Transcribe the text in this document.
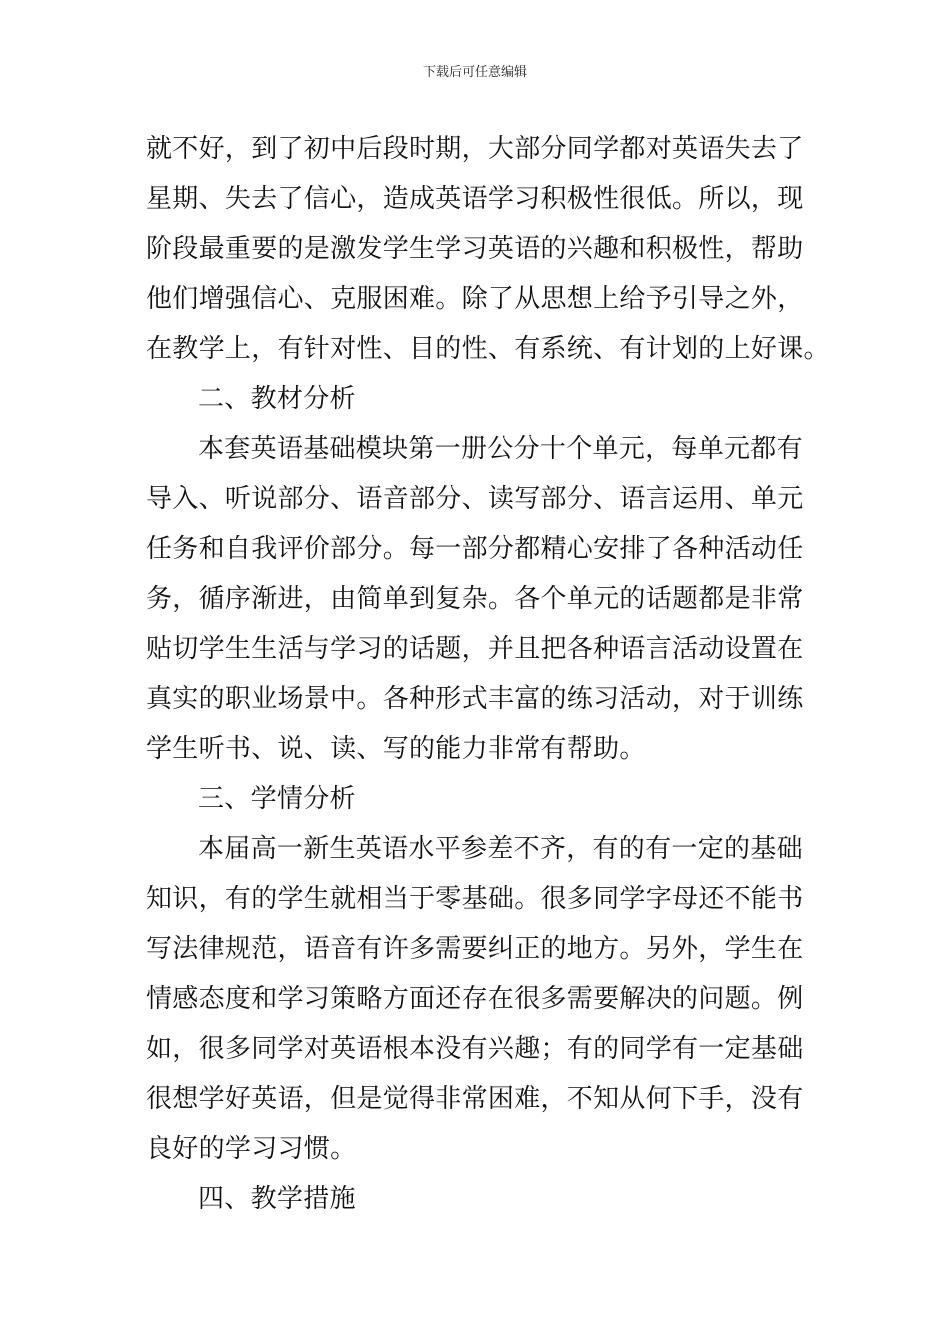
下载后可任意编辑
就不好，到了初中后段时期，大部分同学都对英语失去了
星期、失去了信心，造成英语学习积极性很低。所以，现
阶段最重要的是激发学生学习英语的兴趣和积极性，帮助
他们增强信心、克服困难。除了从思想上给予引导之外，
在教学上，有针对性、目的性、有系统、有计划的上好课。
二、教材分析
本套英语基础模块第一册公分十个单元，每单元都有
导入、听说部分、语音部分、读写部分、语言运用、单元
任务和自我评价部分。每一部分都精心安排了各种活动任
务，循序渐进，由简单到复杂。各个单元的话题都是非常
贴切学生生活与学习的话题，并且把各种语言活动设置在
真实的职业场景中。各种形式丰富的练习活动，对于训练
学生听书、说、读、写的能力非常有帮助。
三、学情分析
本届高一新生英语水平参差不齐，有的有一定的基础
知识，有的学生就相当于零基础。很多同学字母还不能书
写法律规范，语音有许多需要纠正的地方。另外，学生在
情感态度和学习策略方面还存在很多需要解决的问题。例
如，很多同学对英语根本没有兴趣；有的同学有一定基础
很想学好英语，但是觉得非常困难，不知从何下手，没有
良好的学习习惯。
四、教学措施
